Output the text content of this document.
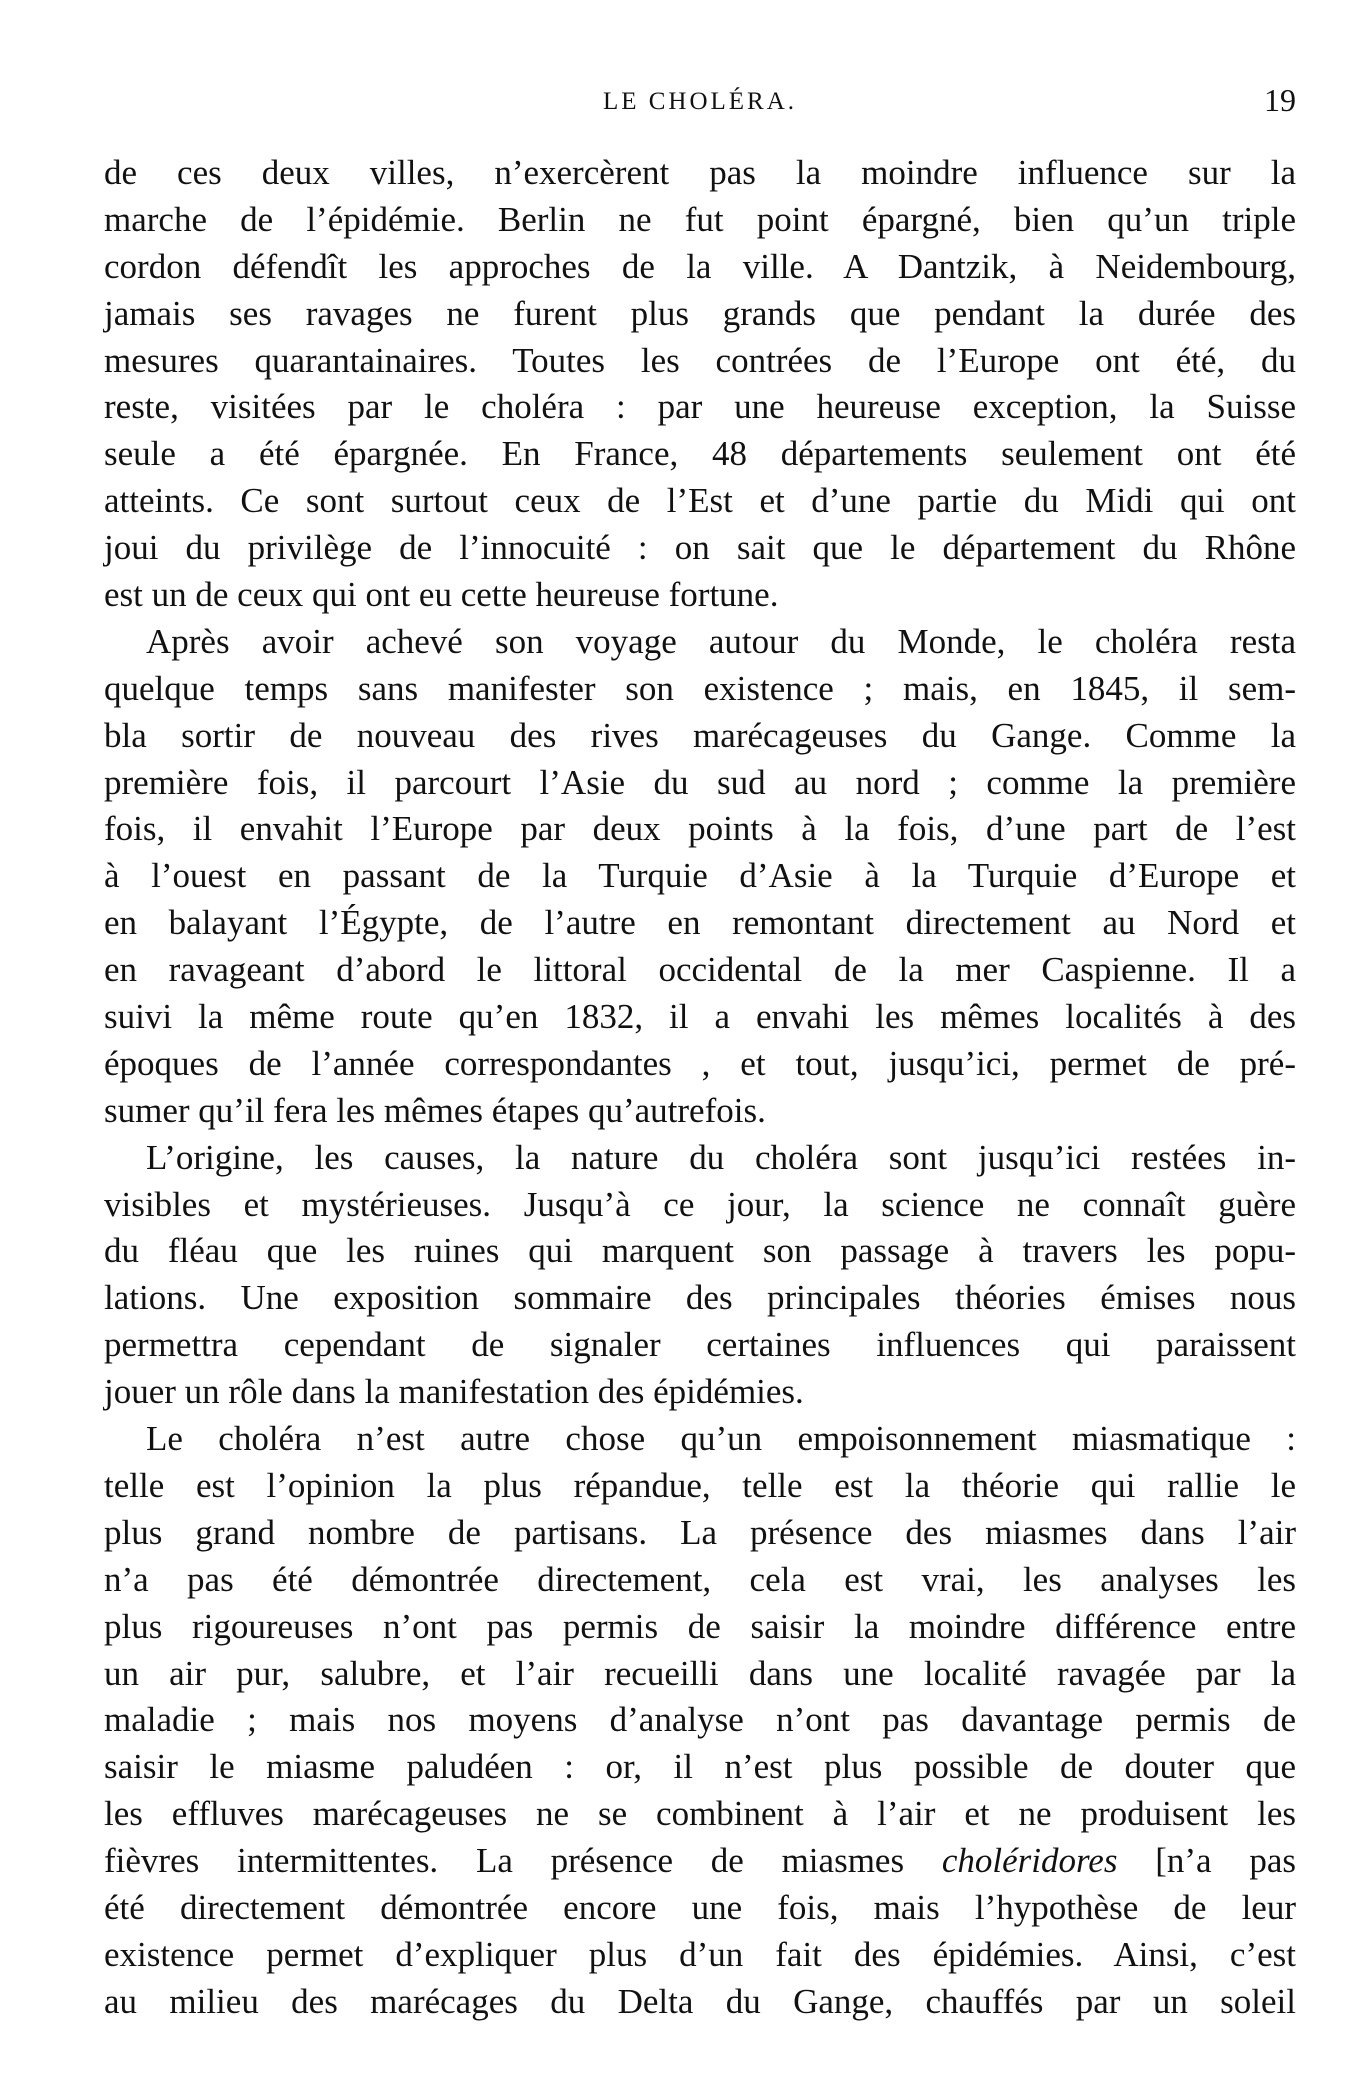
LE CHOLÉRA.	19
de ces deux villes, n’exercèrent pas la moindre influence sur la
marche de l’épidémie. Berlin ne fut point épargné, bien qu’un triple
cordon défendît les approches de la ville. A Dantzik, à Neidembourg,
jamais ses ravages ne furent plus grands que pendant la durée des
mesures quarantainaires. Toutes les contrées de l’Europe ont été, du
reste, visitées par le choléra : par une heureuse exception, la Suisse
seule a été épargnée. En France, 48 départements seulement ont été
atteints. Ce sont surtout ceux de l’Est et d’une partie du Midi qui ont
joui du privilège de l’innocuité : on sait que le département du Rhône
est un de ceux qui ont eu cette heureuse fortune.
Après avoir achevé son voyage autour du Monde, le choléra resta
quelque temps sans manifester son existence ; mais, en 1845, il sem-
bla sortir de nouveau des rives marécageuses du Gange. Comme la
première fois, il parcourt l’Asie du sud au nord ; comme la première
fois, il envahit l’Europe par deux points à la fois, d’une part de l’est
à l’ouest en passant de la Turquie d’Asie à la Turquie d’Europe et
en balayant l’Égypte, de l’autre en remontant directement au Nord et
en ravageant d’abord le littoral occidental de la mer Caspienne. Il a
suivi la même route qu’en 1832, il a envahi les mêmes localités à des
époques de l’année correspondantes , et tout, jusqu’ici, permet de pré-
sumer qu’il fera les mêmes étapes qu’autrefois.
L’origine, les causes, la nature du choléra sont jusqu’ici restées in-
visibles et mystérieuses. Jusqu’à ce jour, la science ne connaît guère
du fléau que les ruines qui marquent son passage à travers les popu-
lations. Une exposition sommaire des principales théories émises nous
permettra cependant de signaler certaines influences qui paraissent
jouer un rôle dans la manifestation des épidémies.
Le choléra n’est autre chose qu’un empoisonnement miasmatique :
telle est l’opinion la plus répandue, telle est la théorie qui rallie le
plus grand nombre de partisans. La présence des miasmes dans l’air
n’a pas été démontrée directement, cela est vrai, les analyses les
plus rigoureuses n’ont pas permis de saisir la moindre différence entre
un air pur, salubre, et l’air recueilli dans une localité ravagée par la
maladie ; mais nos moyens d’analyse n’ont pas davantage permis de
saisir le miasme paludéen : or, il n’est plus possible de douter que
les effluves marécageuses ne se combinent à l’air et ne produisent les
fièvres intermittentes. La présence de miasmes choléridores [n’a pas
été directement démontrée encore une fois, mais l’hypothèse de leur
existence permet d’expliquer plus d’un fait des épidémies. Ainsi, c’est
au milieu des marécages du Delta du Gange, chauffés par un soleil
